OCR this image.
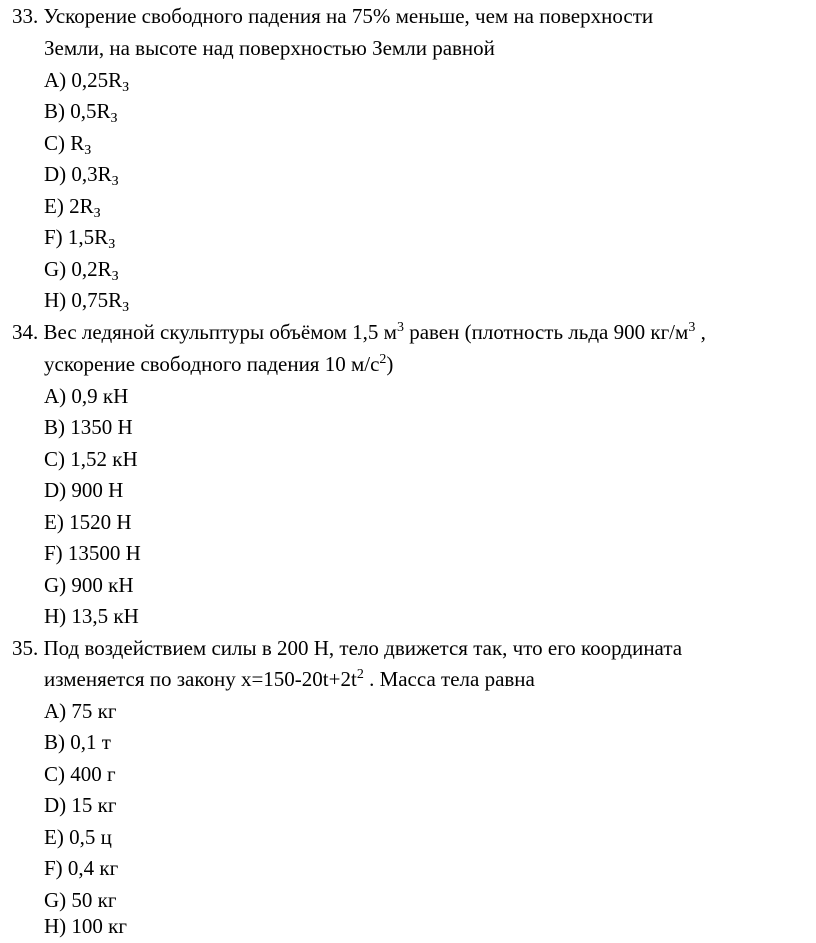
33. Ускорение свободного падения на 75% меньше, чем на поверхности
Земли, на высоте над поверхностью Земли равной
A) $0,25R_З$
B) $0,5R_З$
C) $R_З$
D) $0,3R_З$
E) $2R_З$
F) $1,5R_З$
G) $0,2R_З$
H) $0,75R_З$
34. Вес ледяной скульптуры объёмом 1,5 $м^3$ равен (плотность льда 900 $кг/м^3$ ,
ускорение свободного падения 10 $м/с^2$)
A) 0,9 кН
B) 1350 Н
C) 1,52 кН
D) 900 Н
E) 1520 Н
F) 13500 Н
G) 900 кН
H) 13,5 кН
35. Под воздействием силы в 200 Н, тело движется так, что его координата
изменяется по закону $х=150-20t+2t^2$ . Масса тела равна
A) 75 кг
B) 0,1 т
C) 400 г
D) 15 кг
E) 0,5 ц
F) 0,4 кг
G) 50 кг
H) 100 кг
